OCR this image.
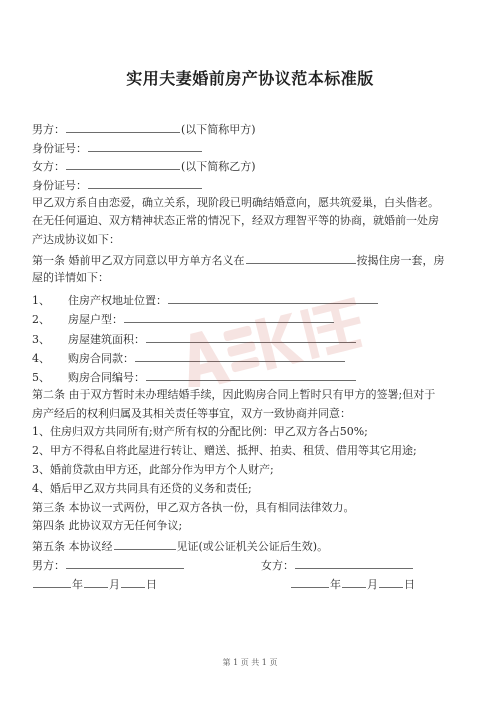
实用夫妻婚前房产协议范本标准版
男方：	(以下简称甲方)
身份证号：
女方：	(以下简称乙方)
身份证号：
甲乙双方系自由恋爱，确立关系，现阶段已明确结婚意向，愿共筑爱巢，白头偕老。
在无任何逼迫、双方精神状态正常的情况下，经双方理智平等的协商，就婚前一处房
产达成协议如下：
第一条 婚前甲乙双方同意以甲方单方名义在	按揭住房一套，房
屋的详情如下：
1、 住房产权地址位置：
2、 房屋户型：
3、 房屋建筑面积：
4、 购房合同款：
5、 购房合同编号：
第二条 由于双方暂时未办理结婚手续，因此购房合同上暂时只有甲方的签署;但对于
房产经后的权利归属及其相关责任等事宜，双方一致协商并同意：
1、住房归双方共同所有;财产所有权的分配比例：甲乙双方各占50%;
2、甲方不得私自将此屋进行转让、赠送、抵押、拍卖、租赁、借用等其它用途;
3、婚前贷款由甲方还，此部分作为甲方个人财产;
4、婚后甲乙双方共同具有还贷的义务和责任;
第三条 本协议一式两份，甲乙双方各执一份，具有相同法律效力。
第四条 此协议双方无任何争议;
第五条 本协议经	见证(或公证机关公证后生效)。
男方：	女方：
年 月 日	年 月 日
第 1 页 共 1 页
